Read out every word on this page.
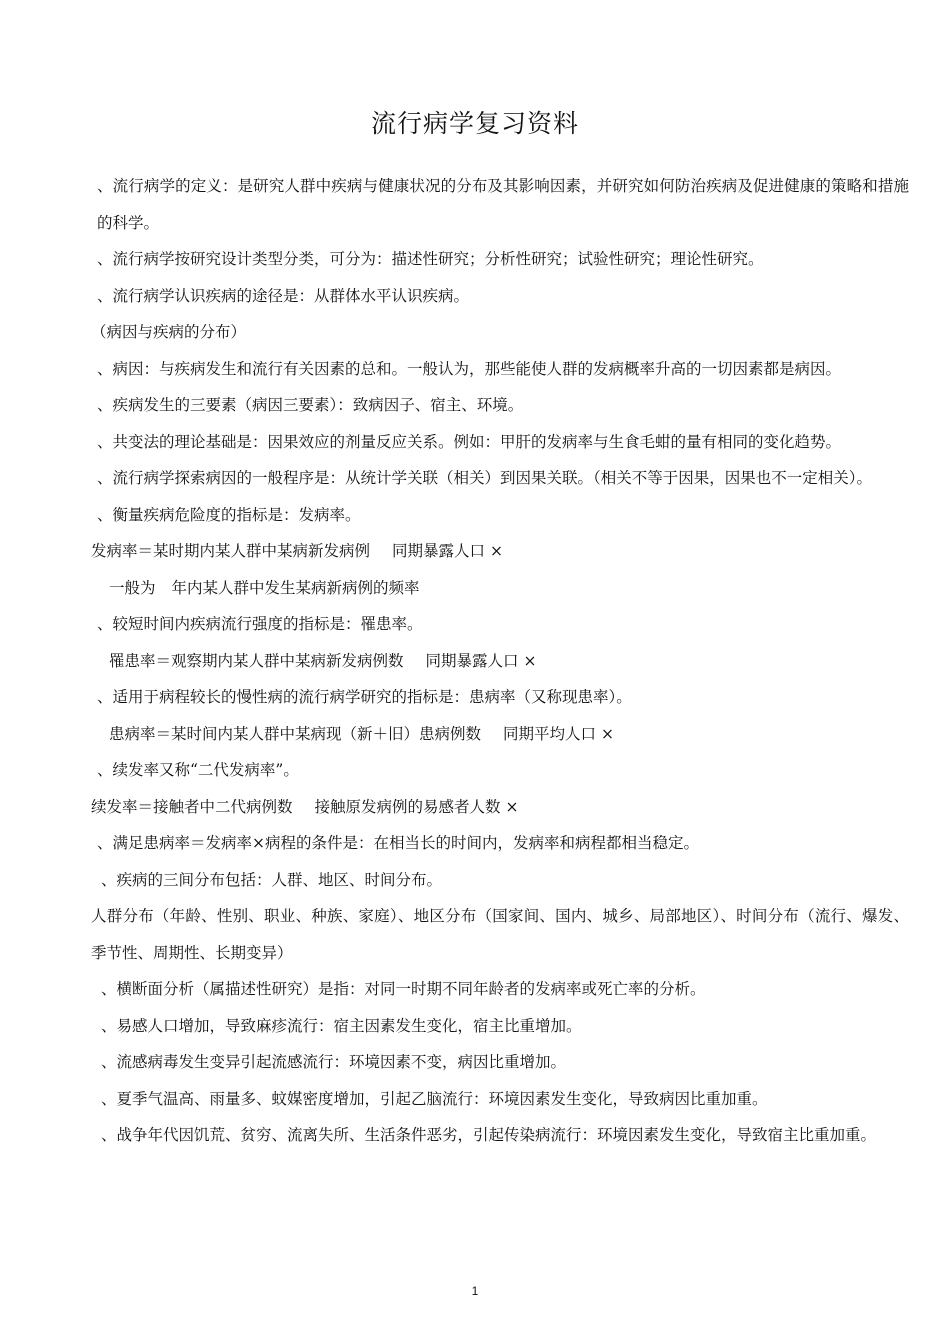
流行病学复习资料

、流行病学的定义：是研究人群中疾病与健康状况的分布及其影响因素，并研究如何防治疾病及促进健康的策略和措施的科学。

、流行病学按研究设计类型分类，可分为：描述性研究；分析性研究；试验性研究；理论性研究。

、流行病学认识疾病的途径是：从群体水平认识疾病。

（病因与疾病的分布）

、病因：与疾病发生和流行有关因素的总和。一般认为，那些能使人群的发病概率升高的一切因素都是病因。

、疾病发生的三要素（病因三要素）：致病因子、宿主、环境。

、共变法的理论基础是：因果效应的剂量反应关系。例如：甲肝的发病率与生食毛蚶的量有相同的变化趋势。

、流行病学探索病因的一般程序是：从统计学关联（相关）到因果关联。（相关不等于因果，因果也不一定相关）。

、衡量疾病危险度的指标是：发病率。

发病率＝某时期内某人群中某病新发病例 同期暴露人口 ×

一般为 年内某人群中发生某病新病例的频率

、较短时间内疾病流行强度的指标是：罹患率。

罹患率＝观察期内某人群中某病新发病例数 同期暴露人口 ×

、适用于病程较长的慢性病的流行病学研究的指标是：患病率（又称现患率）。

患病率＝某时间内某人群中某病现（新＋旧）患病例数 同期平均人口 ×

、续发率又称“二代发病率”。

续发率＝接触者中二代病例数 接触原发病例的易感者人数 ×

、满足患病率＝发病率×病程的条件是：在相当长的时间内，发病率和病程都相当稳定。

、疾病的三间分布包括：人群、地区、时间分布。

人群分布（年龄、性别、职业、种族、家庭）、地区分布（国家间、国内、城乡、局部地区）、时间分布（流行、爆发、季节性、周期性、长期变异）

、横断面分析（属描述性研究）是指：对同一时期不同年龄者的发病率或死亡率的分析。

、易感人口增加，导致麻疹流行：宿主因素发生变化，宿主比重增加。

、流感病毒发生变异引起流感流行：环境因素不变，病因比重增加。

、夏季气温高、雨量多、蚊媒密度增加，引起乙脑流行：环境因素发生变化，导致病因比重加重。

、战争年代因饥荒、贫穷、流离失所、生活条件恶劣，引起传染病流行：环境因素发生变化，导致宿主比重加重。

1
